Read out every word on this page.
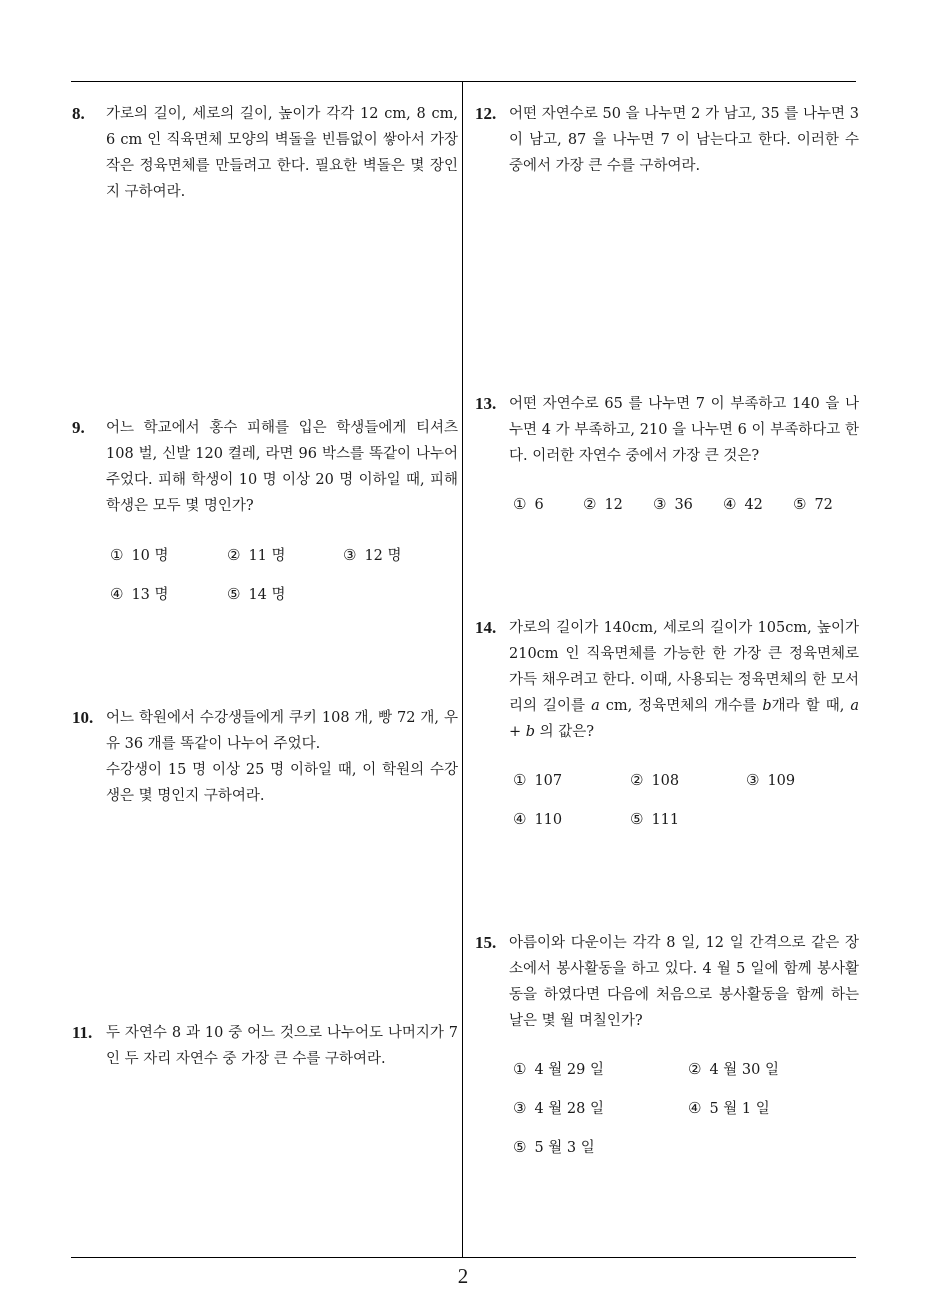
8. 가로의 길이, 세로의 길이, 높이가 각각 12 cm, 8 cm, 6 cm 인 직육면체 모양의 벽돌을 빈틈없이 쌓아서 가장 작은 정육면체를 만들려고 한다. 필요한 벽돌은 몇 장인지 구하여라.
9. 어느 학교에서 홍수 피해를 입은 학생들에게 티셔츠 108 벌, 신발 120 켤레, 라면 96 박스를 똑같이 나누어 주었다. 피해 학생이 10 명 이상 20 명 이하일 때, 피해 학생은 모두 몇 명인가?
① 10 명	② 11 명	③ 12 명
④ 13 명	⑤ 14 명
10. 어느 학원에서 수강생들에게 쿠키 108 개, 빵 72 개, 우유 36 개를 똑같이 나누어 주었다.
수강생이 15 명 이상 25 명 이하일 때, 이 학원의 수강생은 몇 명인지 구하여라.
11. 두 자연수 8 과 10 중 어느 것으로 나누어도 나머지가 7 인 두 자리 자연수 중 가장 큰 수를 구하여라.
12. 어떤 자연수로 50 을 나누면 2 가 남고, 35 를 나누면 3 이 남고, 87 을 나누면 7 이 남는다고 한다. 이러한 수 중에서 가장 큰 수를 구하여라.
13. 어떤 자연수로 65 를 나누면 7 이 부족하고 140 을 나누면 4 가 부족하고, 210 을 나누면 6 이 부족하다고 한다. 이러한 자연수 중에서 가장 큰 것은?
① 6	② 12 ③ 36 ④ 42 ⑤ 72
14. 가로의 길이가 140cm, 세로의 길이가 105cm, 높이가 210cm 인 직육면체를 가능한 한 가장 큰 정육면체로 가득 채우려고 한다. 이때, 사용되는 정육면체의 한 모서리의 길이를 a cm, 정육면체의 개수를 b개라 할 때, a + b 의 값은?
① 107	② 108	③ 109
④ 110	⑤ 111
15. 아름이와 다운이는 각각 8 일, 12 일 간격으로 같은 장소에서 봉사활동을 하고 있다. 4 월 5 일에 함께 봉사활동을 하였다면 다음에 처음으로 봉사활동을 함께 하는 날은 몇 월 며칠인가?
① 4 월 29 일	② 4 월 30 일
③ 4 월 28 일	④ 5 월 1 일
⑤ 5 월 3 일
2
